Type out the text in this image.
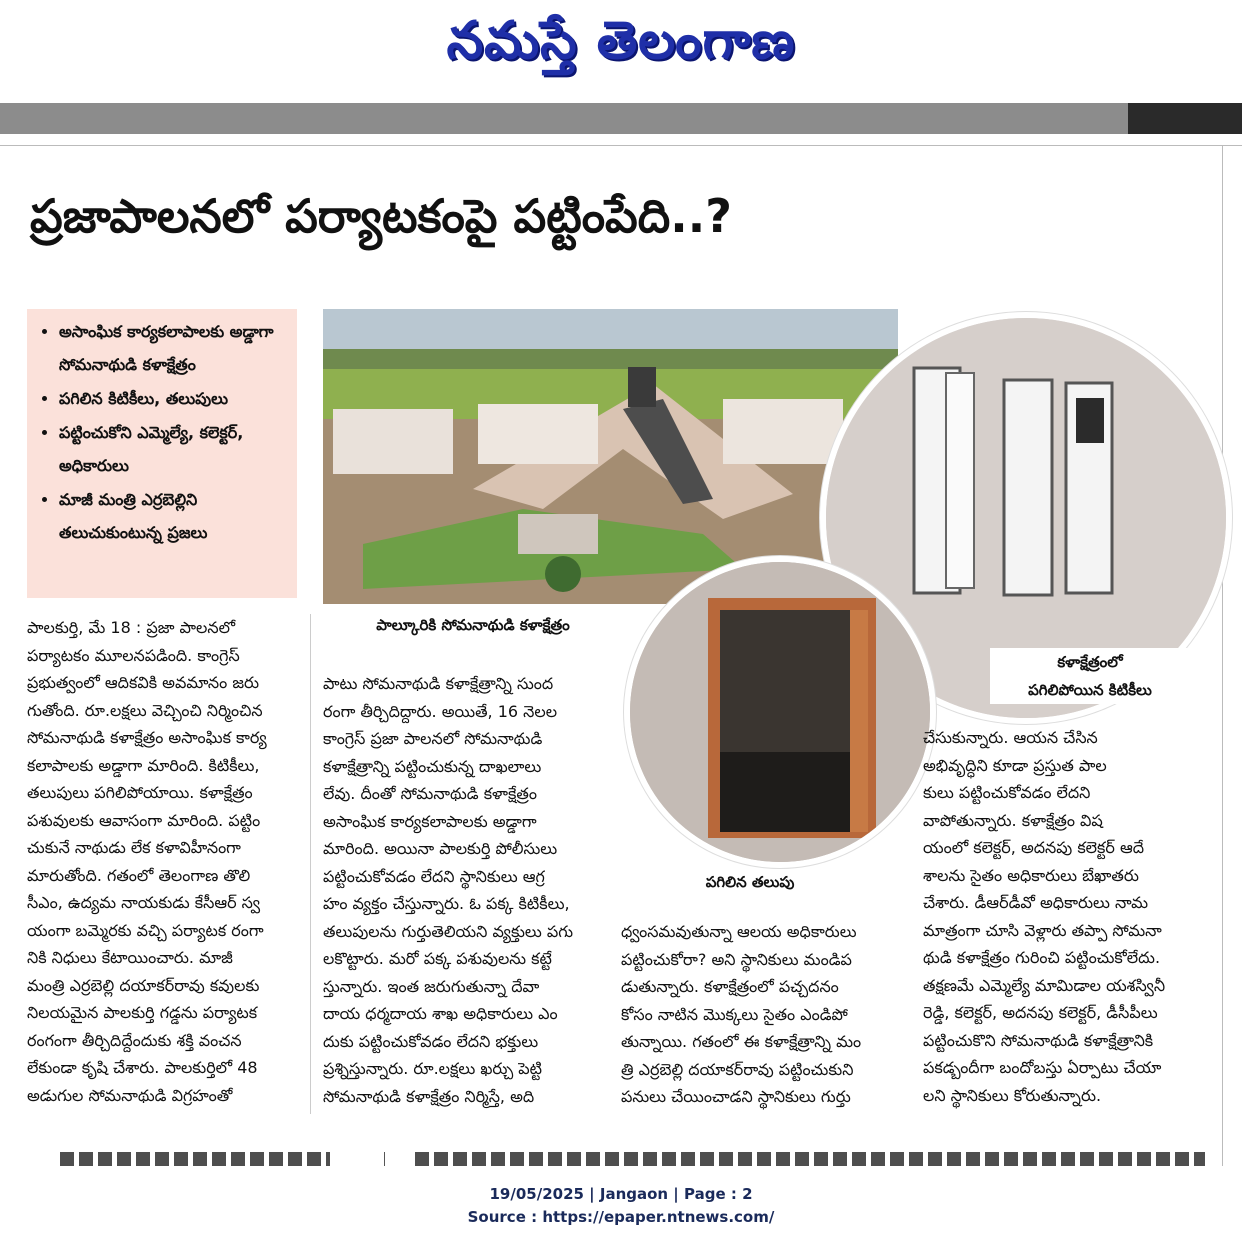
నమస్తే తెలంగాణ
ప్రజాపాలనలో పర్యాటకంపై పట్టింపేది..?
• అసాంఘిక కార్యకలాపాలకు అడ్డాగా సోమనాథుడి కళాక్షేత్రం
• పగిలిన కిటికీలు, తలుపులు
• పట్టించుకోని ఎమ్మెల్యే, కలెక్టర్, అధికారులు
• మాజీ మంత్రి ఎర్రబెల్లిని తలుచుకుంటున్న ప్రజలు
పాల్కూరికి సోమనాథుడి కళాక్షేత్రం
కళాక్షేత్రంలో
పగిలిపోయిన కిటికీలు
పగిలిన తలుపు
పాలకుర్తి, మే 18 : ప్రజా పాలనలో
పర్యాటకం మూలనపడింది. కాంగ్రెస్
ప్రభుత్వంలో ఆదికవికి అవమానం జరు
గుతోంది. రూ.లక్షలు వెచ్చించి నిర్మించిన
సోమనాథుడి కళాక్షేత్రం అసాంఘిక కార్య
కలాపాలకు అడ్డాగా మారింది. కిటికీలు,
తలుపులు పగిలిపోయాయి. కళాక్షేత్రం
పశువులకు ఆవాసంగా మారింది. పట్టిం
చుకునే నాథుడు లేక కళావిహీనంగా
మారుతోంది. గతంలో తెలంగాణ తొలి
సీఎం, ఉద్యమ నాయకుడు కేసీఆర్ స్వ
యంగా బమ్మెరకు వచ్చి పర్యాటక రంగా
నికి నిధులు కేటాయించారు. మాజీ
మంత్రి ఎర్రబెల్లి దయాకర్‌రావు కవులకు
నిలయమైన పాలకుర్తి గడ్డను పర్యాటక
రంగంగా తీర్చిదిద్దేందుకు శక్తి వంచన
లేకుండా కృషి చేశారు. పాలకుర్తిలో 48
అడుగుల సోమనాథుడి విగ్రహంతో
పాటు సోమనాథుడి కళాక్షేత్రాన్ని సుంద
రంగా తీర్చిదిద్దారు. అయితే, 16 నెలల
కాంగ్రెస్ ప్రజా పాలనలో సోమనాథుడి
కళాక్షేత్రాన్ని పట్టించుకున్న దాఖలాలు
లేవు. దీంతో సోమనాథుడి కళాక్షేత్రం
అసాంఘిక కార్యకలాపాలకు అడ్డాగా
మారింది. అయినా పాలకుర్తి పోలీసులు
పట్టించుకోవడం లేదని స్థానికులు ఆగ్ర
హం వ్యక్తం చేస్తున్నారు. ఓ పక్క కిటికీలు,
తలుపులను గుర్తుతెలియని వ్యక్తులు పగు
లకొట్టారు. మరో పక్క పశువులను కట్టే
స్తున్నారు. ఇంత జరుగుతున్నా దేవా
దాయ ధర్మదాయ శాఖ అధికారులు ఎం
దుకు పట్టించుకోవడం లేదని భక్తులు
ప్రశ్నిస్తున్నారు. రూ.లక్షలు ఖర్చు పెట్టి
సోమనాథుడి కళాక్షేత్రం నిర్మిస్తే, అది
ధ్వంసమవుతున్నా ఆలయ అధికారులు
పట్టించుకోరా? అని స్థానికులు మండిప
డుతున్నారు. కళాక్షేత్రంలో పచ్చదనం
కోసం నాటిన మొక్కలు సైతం ఎండిపో
తున్నాయి. గతంలో ఈ కళాక్షేత్రాన్ని మం
త్రి ఎర్రబెల్లి దయాకర్‌రావు పట్టించుకుని
పనులు చేయించాడని స్థానికులు గుర్తు
చేసుకున్నారు. ఆయన చేసిన
అభివృద్ధిని కూడా ప్రస్తుత పాల
కులు పట్టించుకోవడం లేదని
వాపోతున్నారు. కళాక్షేత్రం విష
యంలో కలెక్టర్, అదనపు కలెక్టర్ ఆదే
శాలను సైతం అధికారులు బేఖాతరు
చేశారు. డీఆర్‌డీవో అధికారులు నామ
మాత్రంగా చూసి వెళ్లారు తప్పా సోమనా
థుడి కళాక్షేత్రం గురించి పట్టించుకోలేదు.
తక్షణమే ఎమ్మెల్యే మామిడాల యశస్వినీ
రెడ్డి, కలెక్టర్, అదనపు కలెక్టర్, డీసీపీలు
పట్టించుకొని సోమనాథుడి కళాక్షేత్రానికి
పకడ్బందీగా బందోబస్తు ఏర్పాటు చేయా
లని స్థానికులు కోరుతున్నారు.
19/05/2025 | Jangaon | Page : 2
Source : https://epaper.ntnews.com/
